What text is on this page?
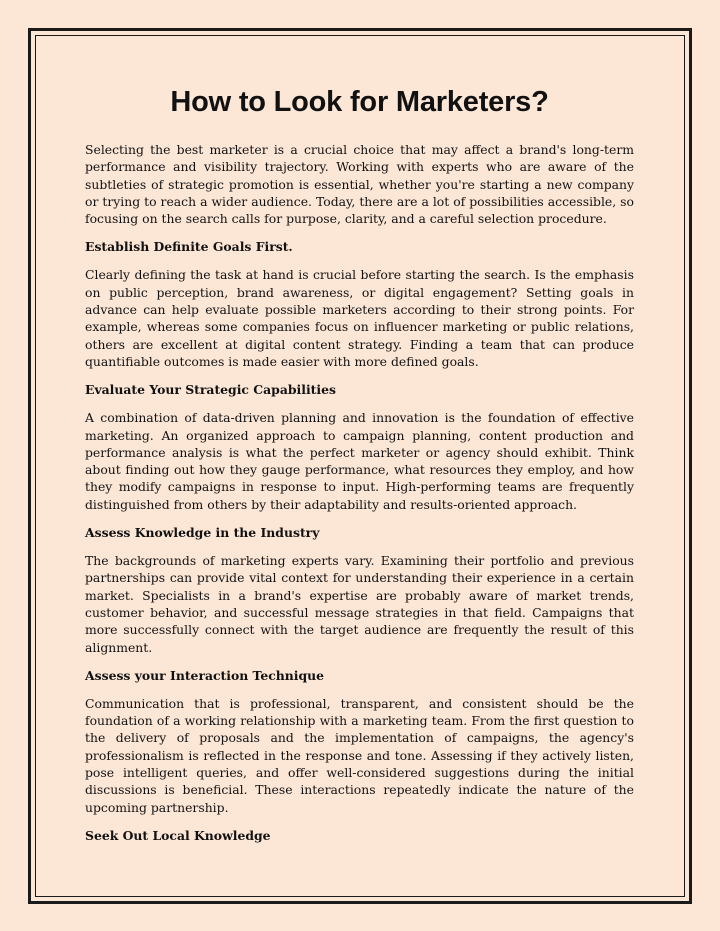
How to Look for Marketers?

Selecting the best marketer is a crucial choice that may affect a brand's long-term performance and visibility trajectory. Working with experts who are aware of the subtleties of strategic promotion is essential, whether you're starting a new company or trying to reach a wider audience. Today, there are a lot of possibilities accessible, so focusing on the search calls for purpose, clarity, and a careful selection procedure.

Establish Definite Goals First.

Clearly defining the task at hand is crucial before starting the search. Is the emphasis on public perception, brand awareness, or digital engagement? Setting goals in advance can help evaluate possible marketers according to their strong points. For example, whereas some companies focus on influencer marketing or public relations, others are excellent at digital content strategy. Finding a team that can produce quantifiable outcomes is made easier with more defined goals.

Evaluate Your Strategic Capabilities

A combination of data-driven planning and innovation is the foundation of effective marketing. An organized approach to campaign planning, content production and performance analysis is what the perfect marketer or agency should exhibit. Think about finding out how they gauge performance, what resources they employ, and how they modify campaigns in response to input. High-performing teams are frequently distinguished from others by their adaptability and results-oriented approach.

Assess Knowledge in the Industry

The backgrounds of marketing experts vary. Examining their portfolio and previous partnerships can provide vital context for understanding their experience in a certain market. Specialists in a brand's expertise are probably aware of market trends, customer behavior, and successful message strategies in that field. Campaigns that more successfully connect with the target audience are frequently the result of this alignment.

Assess your Interaction Technique

Communication that is professional, transparent, and consistent should be the foundation of a working relationship with a marketing team. From the first question to the delivery of proposals and the implementation of campaigns, the agency's professionalism is reflected in the response and tone. Assessing if they actively listen, pose intelligent queries, and offer well-considered suggestions during the initial discussions is beneficial. These interactions repeatedly indicate the nature of the upcoming partnership.

Seek Out Local Knowledge
